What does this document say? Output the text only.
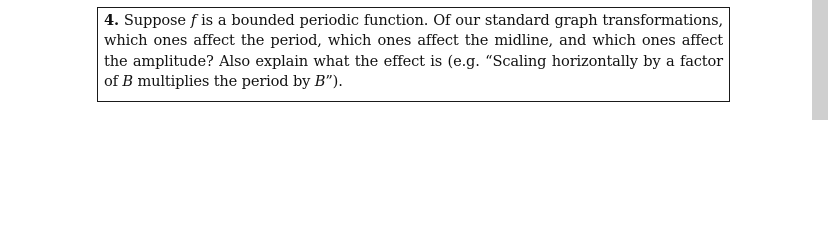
4. Suppose f is a bounded periodic function. Of our standard graph transformations, which ones affect the period, which ones affect the midline, and which ones affect the amplitude? Also explain what the effect is (e.g. “Scaling horizontally by a factor of B multiplies the period by B”).
